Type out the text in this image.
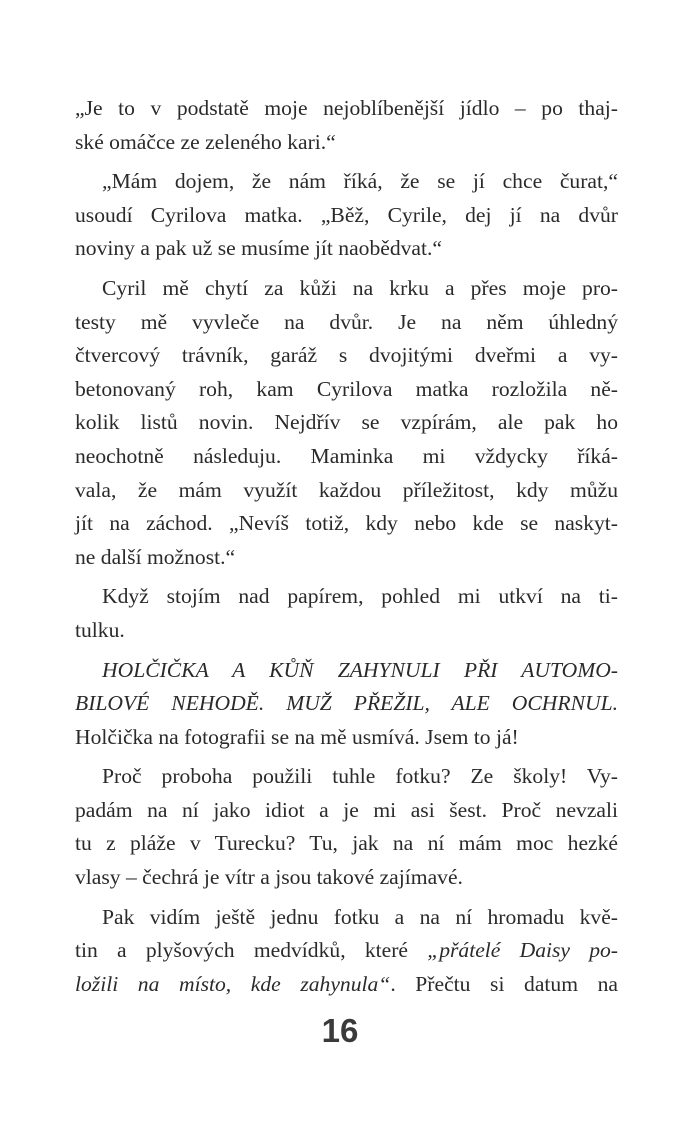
„Je to v podstatě moje nejoblíbenější jídlo – po thaj-
ské omáčce ze zeleného kari.“

„Mám dojem, že nám říká, že se jí chce čurat,“
usoudí Cyrilova matka. „Běž, Cyrile, dej jí na dvůr
noviny a pak už se musíme jít naobědvat.“

Cyril mě chytí za kůži na krku a přes moje pro-
testy mě vyvleče na dvůr. Je na něm úhledný
čtvercový trávník, garáž s dvojitými dveřmi a vy-
betonovaný roh, kam Cyrilova matka rozložila ně-
kolik listů novin. Nejdřív se vzpírám, ale pak ho
neochotně následuju. Maminka mi vždycky říká-
vala, že mám využít každou příležitost, kdy můžu
jít na záchod. „Nevíš totiž, kdy nebo kde se naskyt-
ne další možnost.“

Když stojím nad papírem, pohled mi utkví na ti-
tulku.

HOLČIČKA A KŮŇ ZAHYNULI PŘI AUTOMO-
BILOVÉ NEHODĚ. MUŽ PŘEŽIL, ALE OCHRNUL.
Holčička na fotografii se na mě usmívá. Jsem to já!

Proč proboha použili tuhle fotku? Ze školy! Vy-
padám na ní jako idiot a je mi asi šest. Proč nevzali
tu z pláže v Turecku? Tu, jak na ní mám moc hezké
vlasy – čechrá je vítr a jsou takové zajímavé.

Pak vidím ještě jednu fotku a na ní hromadu kvě-
tin a plyšových medvídků, které „přátelé Daisy po-
ložili na místo, kde zahynula“. Přečtu si datum na

16
